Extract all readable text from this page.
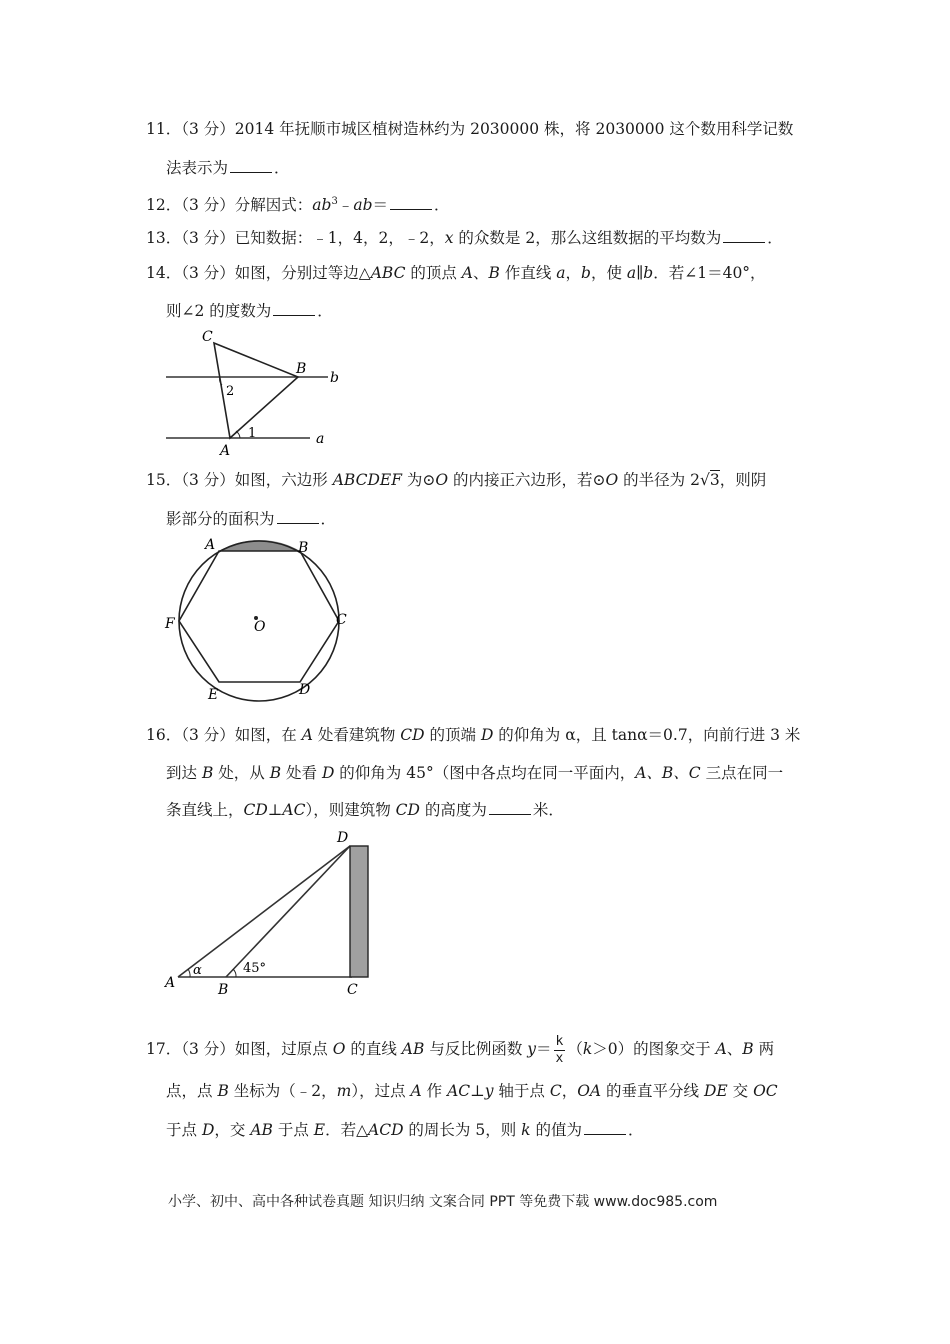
11．（3 分）2014 年抚顺市城区植树造林约为 2030000 株，将 2030000 这个数用科学记数
法表示为	．
12．（3 分）分解因式：$ab^3﹣ab=$	．
13．（3 分）已知数据：﹣1，4，2，﹣2，x 的众数是 2，那么这组数据的平均数为	．
14．（3 分）如图，分别过等边△ABC 的顶点 A、B 作直线 a，b，使 a∥b．若∠1＝40°，
则∠2 的度数为	．
C
B
A
b
a
1
2
15．（3 分）如图，六边形 ABCDEF 为⊙O 的内接正六边形，若⊙O 的半径为 2√3，则阴
影部分的面积为	．
A	B
C
D
E
F	O
16．（3 分）如图，在 A 处看建筑物 CD 的顶端 D 的仰角为 α，且 tanα＝0.7，向前行进 3 米
到达 B 处，从 B 处看 D 的仰角为 45°（图中各点均在同一平面内，A、B、C 三点在同一
条直线上，CD⊥AC），则建筑物 CD 的高度为	米．
D
A	B	C
α	45°
17．（3 分）如图，过原点 O 的直线 AB 与反比例函数 $y= \frac{k}{x} (k>0)$的图象交于 A、B 两
点，点 B 坐标为（﹣2，m），过点 A 作 AC⊥y 轴于点 C，OA 的垂直平分线 DE 交 OC
于点 D，交 AB 于点 E．若△ACD 的周长为 5，则 k 的值为	．
小学、初中、高中各种试卷真题 知识归纳 文案合同 PPT 等免费下载 www.doc985.com
